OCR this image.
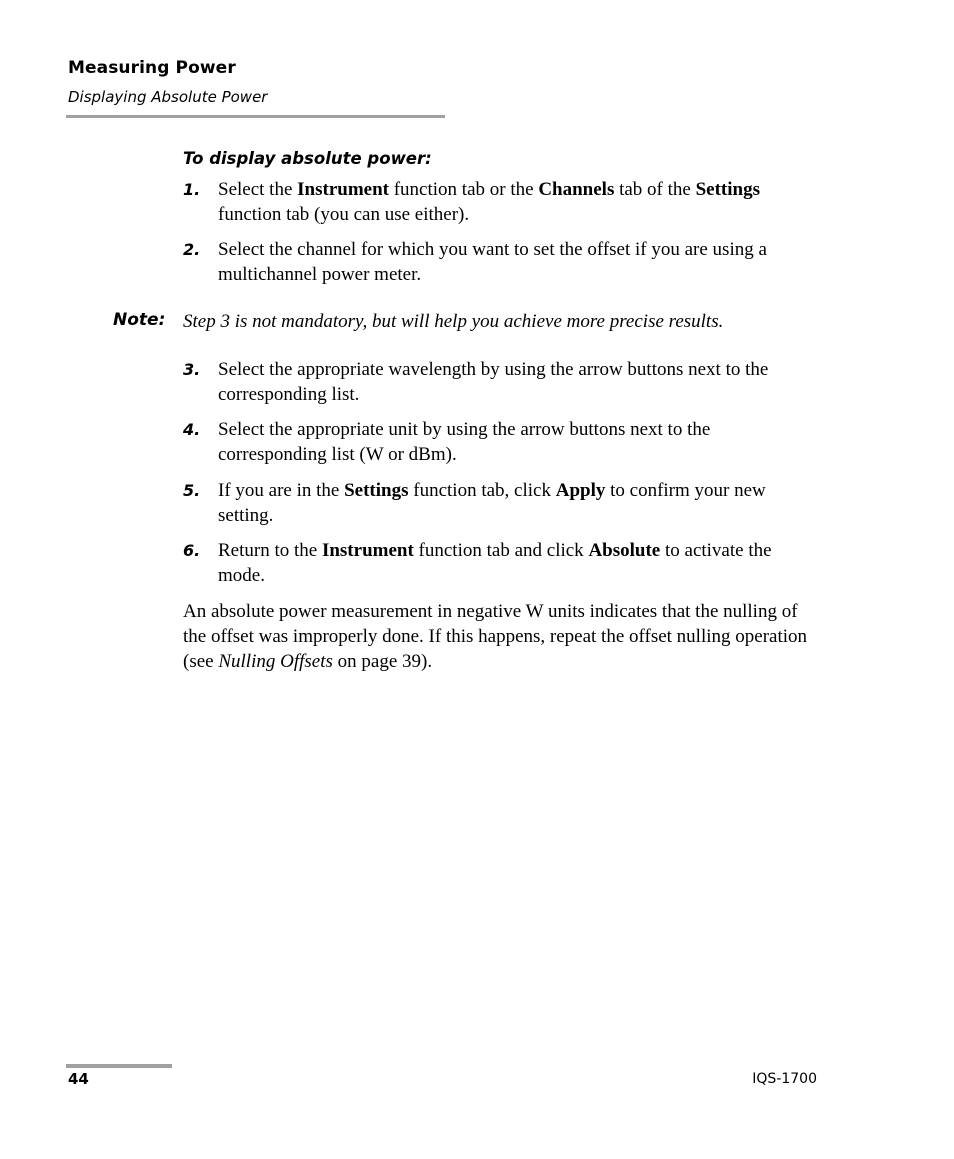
Measuring Power
Displaying Absolute Power
To display absolute power:
1. Select the Instrument function tab or the Channels tab of the Settings function tab (you can use either).
2. Select the channel for which you want to set the offset if you are using a multichannel power meter.
Note: Step 3 is not mandatory, but will help you achieve more precise results.
3. Select the appropriate wavelength by using the arrow buttons next to the corresponding list.
4. Select the appropriate unit by using the arrow buttons next to the corresponding list (W or dBm).
5. If you are in the Settings function tab, click Apply to confirm your new setting.
6. Return to the Instrument function tab and click Absolute to activate the mode.
An absolute power measurement in negative W units indicates that the nulling of the offset was improperly done. If this happens, repeat the offset nulling operation (see Nulling Offsets on page 39).
44	IQS-1700
